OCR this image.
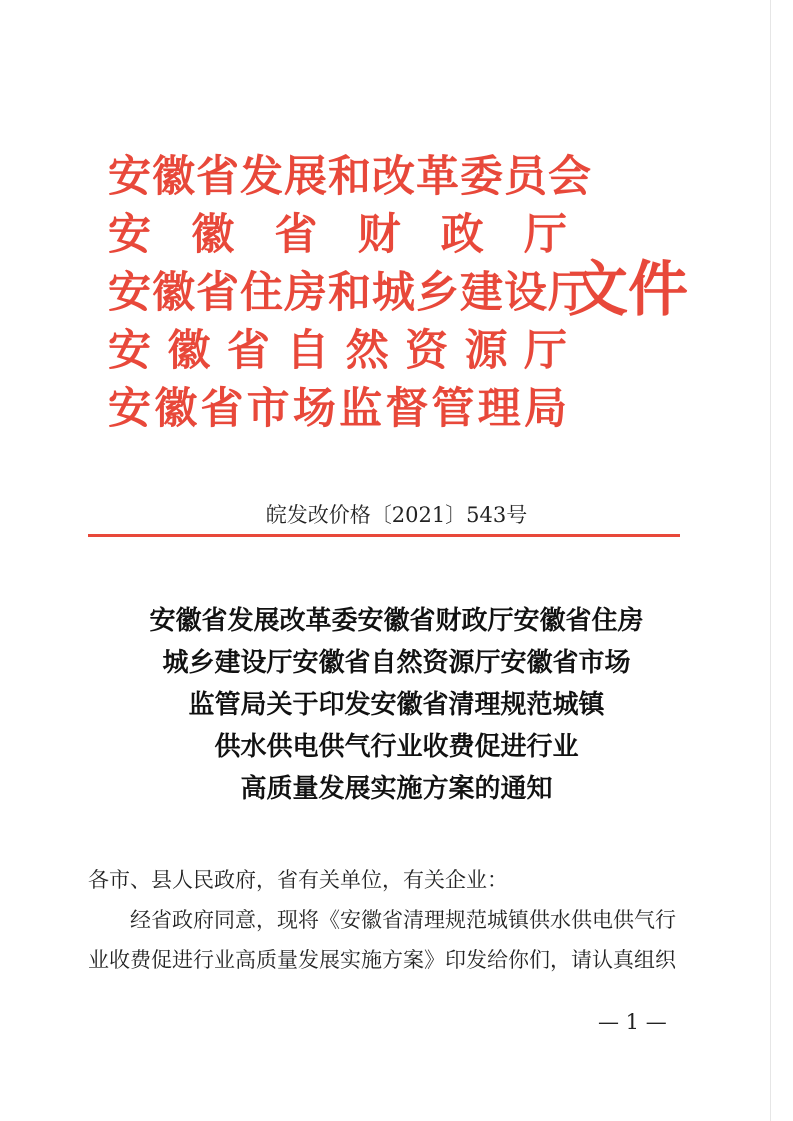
安徽省发展和改革委员会
安徽省财政厅
安徽省住房和城乡建设厅
安徽省自然资源厅
安徽省市场监督管理局
文件
皖发改价格〔2021〕543号
安徽省发展改革委安徽省财政厅安徽省住房
城乡建设厅安徽省自然资源厅安徽省市场
监管局关于印发安徽省清理规范城镇
供水供电供气行业收费促进行业
高质量发展实施方案的通知
各市、县人民政府，省有关单位，有关企业：
经省政府同意，现将《安徽省清理规范城镇供水供电供气行
业收费促进行业高质量发展实施方案》印发给你们，请认真组织
— 1 —
